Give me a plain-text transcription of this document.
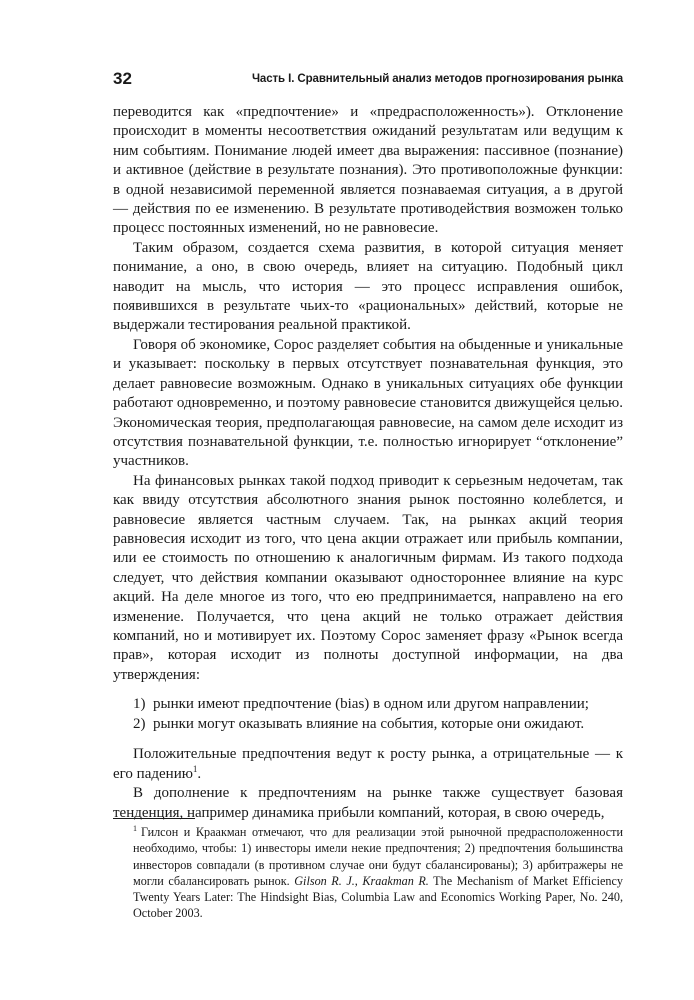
32	Часть I. Сравнительный анализ методов прогнозирования рынка

переводится как «предпочтение» и «предрасположенность»). Отклонение происходит в моменты несоответствия ожиданий результатам или ведущим к ним событиям. Понимание людей имеет два выражения: пассивное (познание) и активное (действие в результате познания). Это противоположные функции: в одной независимой переменной является познаваемая ситуация, а в другой — действия по ее изменению. В результате противодействия возможен только процесс постоянных изменений, но не равновесие.

Таким образом, создается схема развития, в которой ситуация меняет понимание, а оно, в свою очередь, влияет на ситуацию. Подобный цикл наводит на мысль, что история — это процесс исправления ошибок, появившихся в результате чьих-то «рациональных» действий, которые не выдержали тестирования реальной практикой.

Говоря об экономике, Сорос разделяет события на обыденные и уникальные и указывает: поскольку в первых отсутствует познавательная функция, это делает равновесие возможным. Однако в уникальных ситуациях обе функции работают одновременно, и поэтому равновесие становится движущейся целью. Экономическая теория, предполагающая равновесие, на самом деле исходит из отсутствия познавательной функции, т.е. полностью игнорирует “отклонение” участников.

На финансовых рынках такой подход приводит к серьезным недочетам, так как ввиду отсутствия абсолютного знания рынок постоянно колеблется, и равновесие является частным случаем. Так, на рынках акций теория равновесия исходит из того, что цена акции отражает или прибыль компании, или ее стоимость по отношению к аналогичным фирмам. Из такого подхода следует, что действия компании оказывают одностороннее влияние на курс акций. На деле многое из того, что ею предпринимается, направлено на его изменение. Получается, что цена акций не только отражает действия компаний, но и мотивирует их. Поэтому Сорос заменяет фразу «Рынок всегда прав», которая исходит из полноты доступной информации, на два утверждения:

1)  рынки имеют предпочтение (bias) в одном или другом направлении;
2)  рынки могут оказывать влияние на события, которые они ожидают.

Положительные предпочтения ведут к росту рынка, а отрицательные — к его падению$^1$.

В дополнение к предпочтениям на рынке также существует базовая тенденция, например динамика прибыли компаний, которая, в свою очередь,

$^1$ Гилсон и Краакман отмечают, что для реализации этой рыночной предрасположенности необходимо, чтобы: 1) инвесторы имели некие предпочтения; 2) предпочтения большинства инвесторов совпадали (в противном случае они будут сбалансированы); 3) арбитражеры не могли сбалансировать рынок. Gilson R. J., Kraakman R. The Mechanism of Market Efficiency Twenty Years Later: The Hindsight Bias, Columbia Law and Economics Working Paper, No. 240, October 2003.
